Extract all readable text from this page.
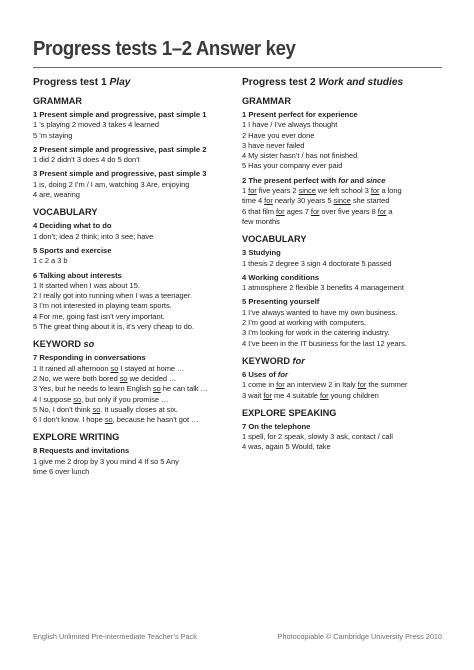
Progress tests 1–2 Answer key
Progress test 1 Play
GRAMMAR
1 Present simple and progressive, past simple 1
1 ’s playing 2 moved 3 takes 4 learned
5 ’m staying
2 Present simple and progressive, past simple 2
1 did 2 didn’t 3 does 4 do 5 don’t
3 Present simple and progressive, past simple 3
1 is, doing 2 I’m / I am, watching 3 Are, enjoying
4 are, wearing
VOCABULARY
4 Deciding what to do
1 don’t; idea 2 think; into 3 see; have
5 Sports and exercise
1 c 2 a 3 b
6 Talking about interests
1 It started when I was about 15.
2 I really got into running when I was a teenager.
3 I’m not interested in playing team sports.
4 For me, going fast isn’t very important.
5 The great thing about it is, it’s very cheap to do.
KEYWORD so
7 Responding in conversations
1 It rained all afternoon so I stayed at home …
2 No, we were both bored so we decided …
3 Yes, but he needs to learn English so he can talk …
4 I suppose so, but only if you promise …
5 No, I don’t think so. It usually closes at six.
6 I don’t know. I hope so, because he hasn’t got …
EXPLORE WRITING
8 Requests and invitations
1 give me 2 drop by 3 you mind 4 If so 5 Any
time 6 over lunch
Progress test 2 Work and studies
GRAMMAR
1 Present perfect for experience
1 I have / I’ve always thought
2 Have you ever done
3 have never failed
4 My sister hasn’t / has not finished
5 Has your company ever paid
2 The present perfect with for and since
1 for five years 2 since we left school 3 for a long
time 4 for nearly 30 years 5 since she started
6 that film for ages 7 for over five years 8 for a
few months
VOCABULARY
3 Studying
1 thesis 2 degree 3 sign 4 doctorate 5 passed
4 Working conditions
1 atmosphere 2 flexible 3 benefits 4 management
5 Presenting yourself
1 I’ve always wanted to have my own business.
2 I’m good at working with computers.
3 I’m looking for work in the catering industry.
4 I’ve been in the IT business for the last 12 years.
KEYWORD for
6 Uses of for
1 come in for an interview 2 in Italy for the summer
3 wait for me 4 suitable for young children
EXPLORE SPEAKING
7 On the telephone
1 spell, for 2 speak, slowly 3 ask, contact / call
4 was, again 5 Would, take
English Unlimited Pre-intermediate Teacher’s Pack	Photocopiable © Cambridge University Press 2010
